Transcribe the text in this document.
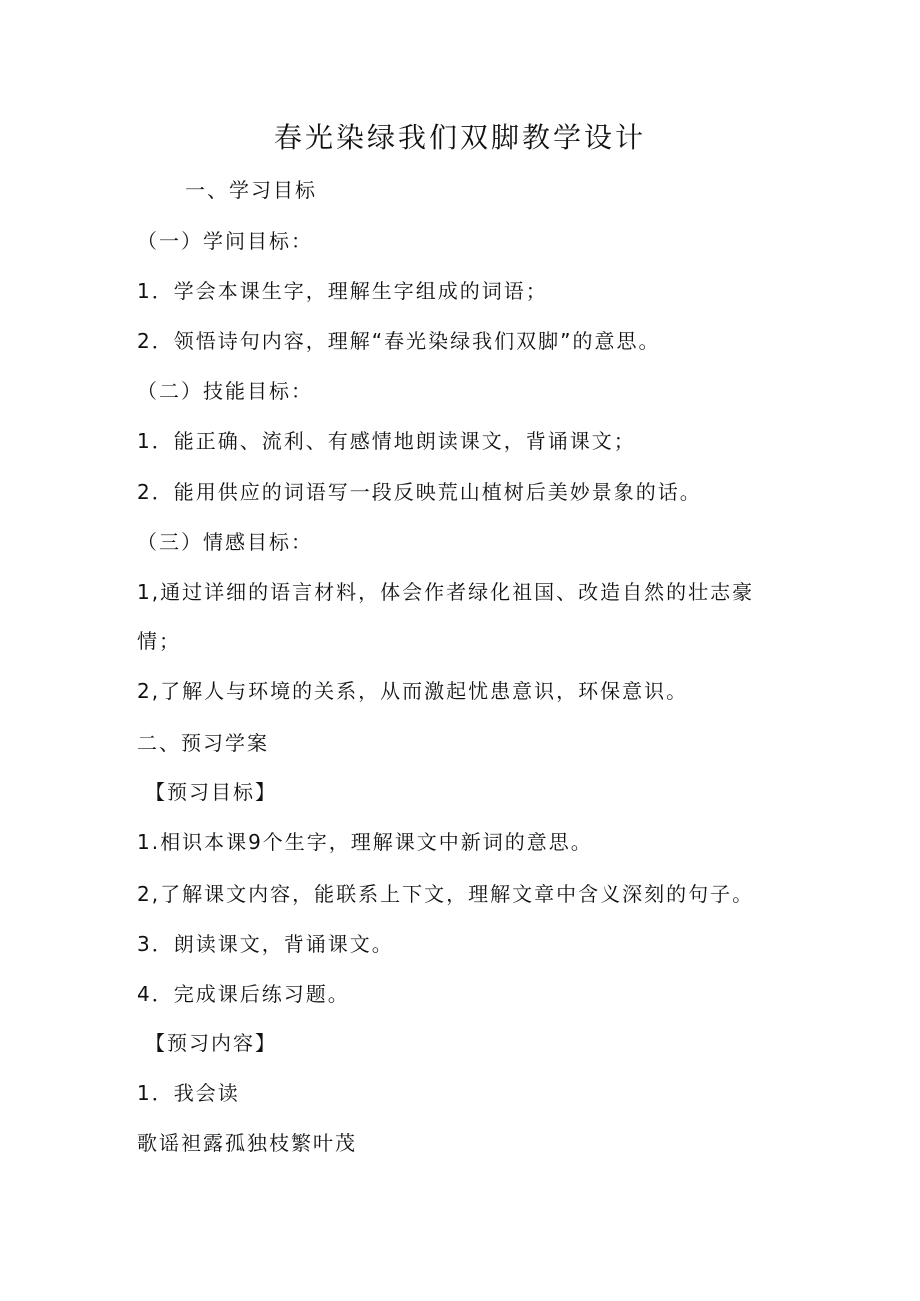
春光染绿我们双脚教学设计
一、学习目标
（一）学问目标：
1．学会本课生字，理解生字组成的词语；
2．领悟诗句内容，理解“春光染绿我们双脚”的意思。
（二）技能目标：
1．能正确、流利、有感情地朗读课文，背诵课文；
2．能用供应的词语写一段反映荒山植树后美妙景象的话。
（三）情感目标：
1,通过详细的语言材料，体会作者绿化祖国、改造自然的壮志豪
情；
2,了解人与环境的关系，从而激起忧患意识，环保意识。
二、预习学案
【预习目标】
1.相识本课9个生字，理解课文中新词的意思。
2,了解课文内容，能联系上下文，理解文章中含义深刻的句子。
3．朗读课文，背诵课文。
4．完成课后练习题。
【预习内容】
1．我会读
歌谣袒露孤独枝繁叶茂
